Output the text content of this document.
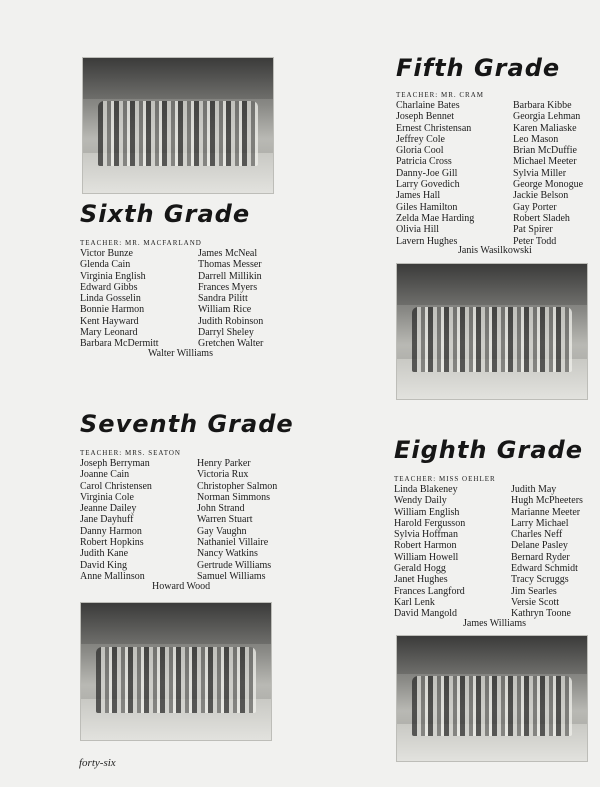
Sixth Grade
TEACHER: MR. MACFARLAND
Victor Bunze
Glenda Cain
Virginia English
Edward Gibbs
Linda Gosselin
Bonnie Harmon
Kent Hayward
Mary Leonard
Barbara McDermitt
James McNeal
Thomas Messer
Darrell Millikin
Frances Myers
Sandra Pilitt
William Rice
Judith Robinson
Darryl Sheley
Gretchen Walter
Walter Williams
Fifth Grade
TEACHER: MR. CRAM
Charlaine Bates
Joseph Bennet
Ernest Christensan
Jeffrey Cole
Gloria Cool
Patricia Cross
Danny-Joe Gill
Larry Govedich
James Hall
Giles Hamilton
Zelda Mae Harding
Olivia Hill
Lavern Hughes
Barbara Kibbe
Georgia Lehman
Karen Maliaske
Leo Mason
Brian McDuffie
Michael Meeter
Sylvia Miller
George Monogue
Jackie Belson
Gay Porter
Robert Sladeh
Pat Spirer
Peter Todd
Janis Wasilkowski
Seventh Grade
TEACHER: MRS. SEATON
Joseph Berryman
Joanne Cain
Carol Christensen
Virginia Cole
Jeanne Dailey
Jane Dayhuff
Danny Harmon
Robert Hopkins
Judith Kane
David King
Anne Mallinson
Henry Parker
Victoria Rux
Christopher Salmon
Norman Simmons
John Strand
Warren Stuart
Gay Vaughn
Nathaniel Villaire
Nancy Watkins
Gertrude Williams
Samuel Williams
Howard Wood
Eighth Grade
TEACHER: MISS OEHLER
Linda Blakeney
Wendy Daily
William English
Harold Fergusson
Sylvia Hoffman
Robert Harmon
William Howell
Gerald Hogg
Janet Hughes
Frances Langford
Karl Lenk
David Mangold
Judith May
Hugh McPheeters
Marianne Meeter
Larry Michael
Charles Neff
Delane Pasley
Bernard Ryder
Edward Schmidt
Tracy Scruggs
Jim Searles
Versie Scott
Kathryn Toone
James Williams
forty-six
